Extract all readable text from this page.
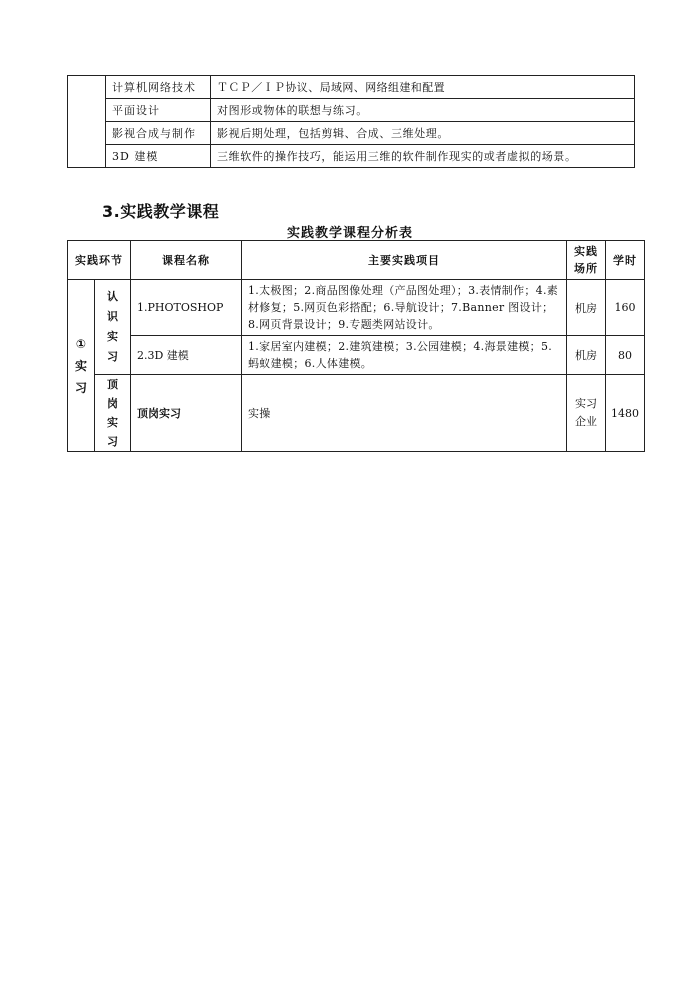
	计算机网络技术	ＴＣＰ／ＩＰ协议、局域网、网络组建和配置
	平面设计	对图形或物体的联想与练习。
	影视合成与制作	影视后期处理，包括剪辑、合成、三维处理。
	3D 建模	三维软件的操作技巧，能运用三维的软件制作现实的或者虚拟的场景。
3.实践教学课程
实践教学课程分析表
实践环节		课程名称	主要实践项目	实践场所	学时

①实习	认识实习	1.PHOTOSHOP	1.太极图；2.商品图像处理（产品图处理）；3.表情制作；4.素材修复；5.网页色彩搭配；6.导航设计；7.Banner 图设计；8.网页背景设计；9.专题类网站设计。	机房	160
		2.3D 建模	1.家居室内建模；2.建筑建模；3.公园建模；4.海景建模；5.蚂蚁建模；6.人体建模。	机房	80

	顶岗实习	顶岗实习	实操	实习企业	1480
